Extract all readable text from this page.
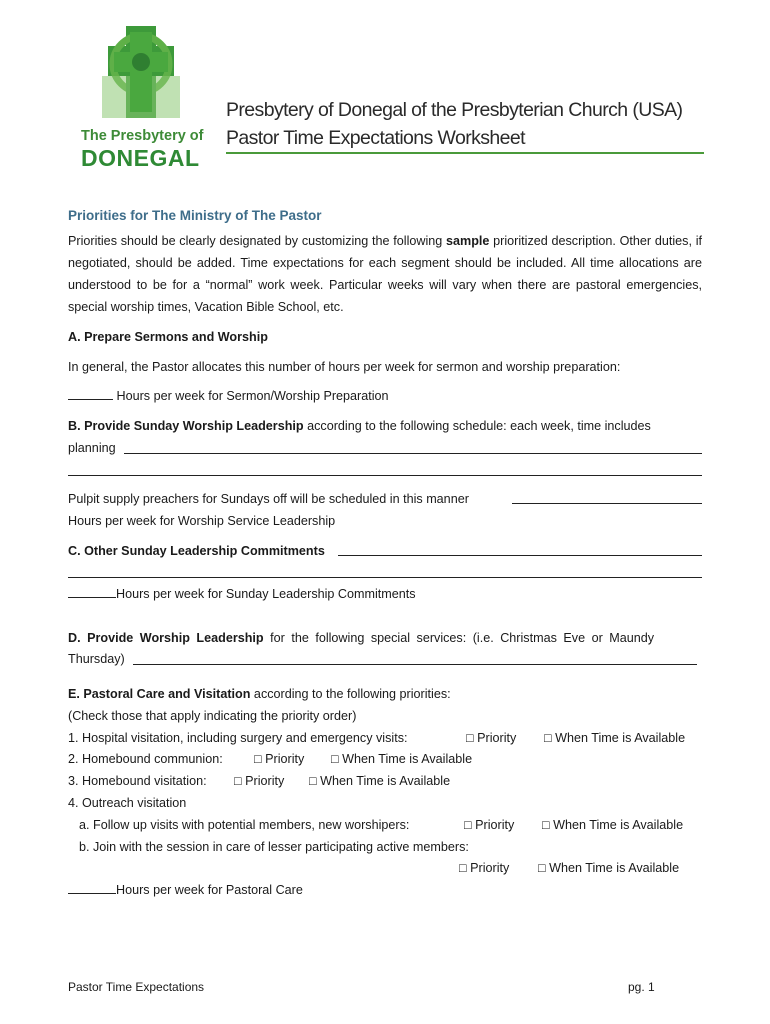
The Presbytery of
DONEGAL
Presbytery of Donegal of the Presbyterian Church (USA)
Pastor Time Expectations Worksheet
Priorities for The Ministry of The Pastor
Priorities should be clearly designated by customizing the following sample prioritized description. Other duties, if negotiated, should be added. Time expectations for each segment should be included. All time allocations are understood to be for a “normal” work week. Particular weeks will vary when there are pastoral emergencies, special worship times, Vacation Bible School, etc.
A. Prepare Sermons and Worship
In general, the Pastor allocates this number of hours per week for sermon and worship preparation:
Hours per week for Sermon/Worship Preparation
B. Provide Sunday Worship Leadership according to the following schedule: each week, time includes
planning
Pulpit supply preachers for Sundays off will be scheduled in this manner
Hours per week for Worship Service Leadership
C. Other Sunday Leadership Commitments
Hours per week for Sunday Leadership Commitments
D. Provide Worship Leadership for the following special services: (i.e. Christmas Eve or Maundy
Thursday)
E. Pastoral Care and Visitation according to the following priorities:
(Check those that apply indicating the priority order)
1. Hospital visitation, including surgery and emergency visits:	□ Priority □ When Time is Available
2. Homebound communion:	□ Priority □ When Time is Available
3. Homebound visitation:	□ Priority □ When Time is Available
4. Outreach visitation
a. Follow up visits with potential members, new worshipers:	□ Priority □ When Time is Available
b. Join with the session in care of lesser participating active members:
□ Priority □ When Time is Available
Hours per week for Pastoral Care
Pastor Time Expectations	pg. 1
